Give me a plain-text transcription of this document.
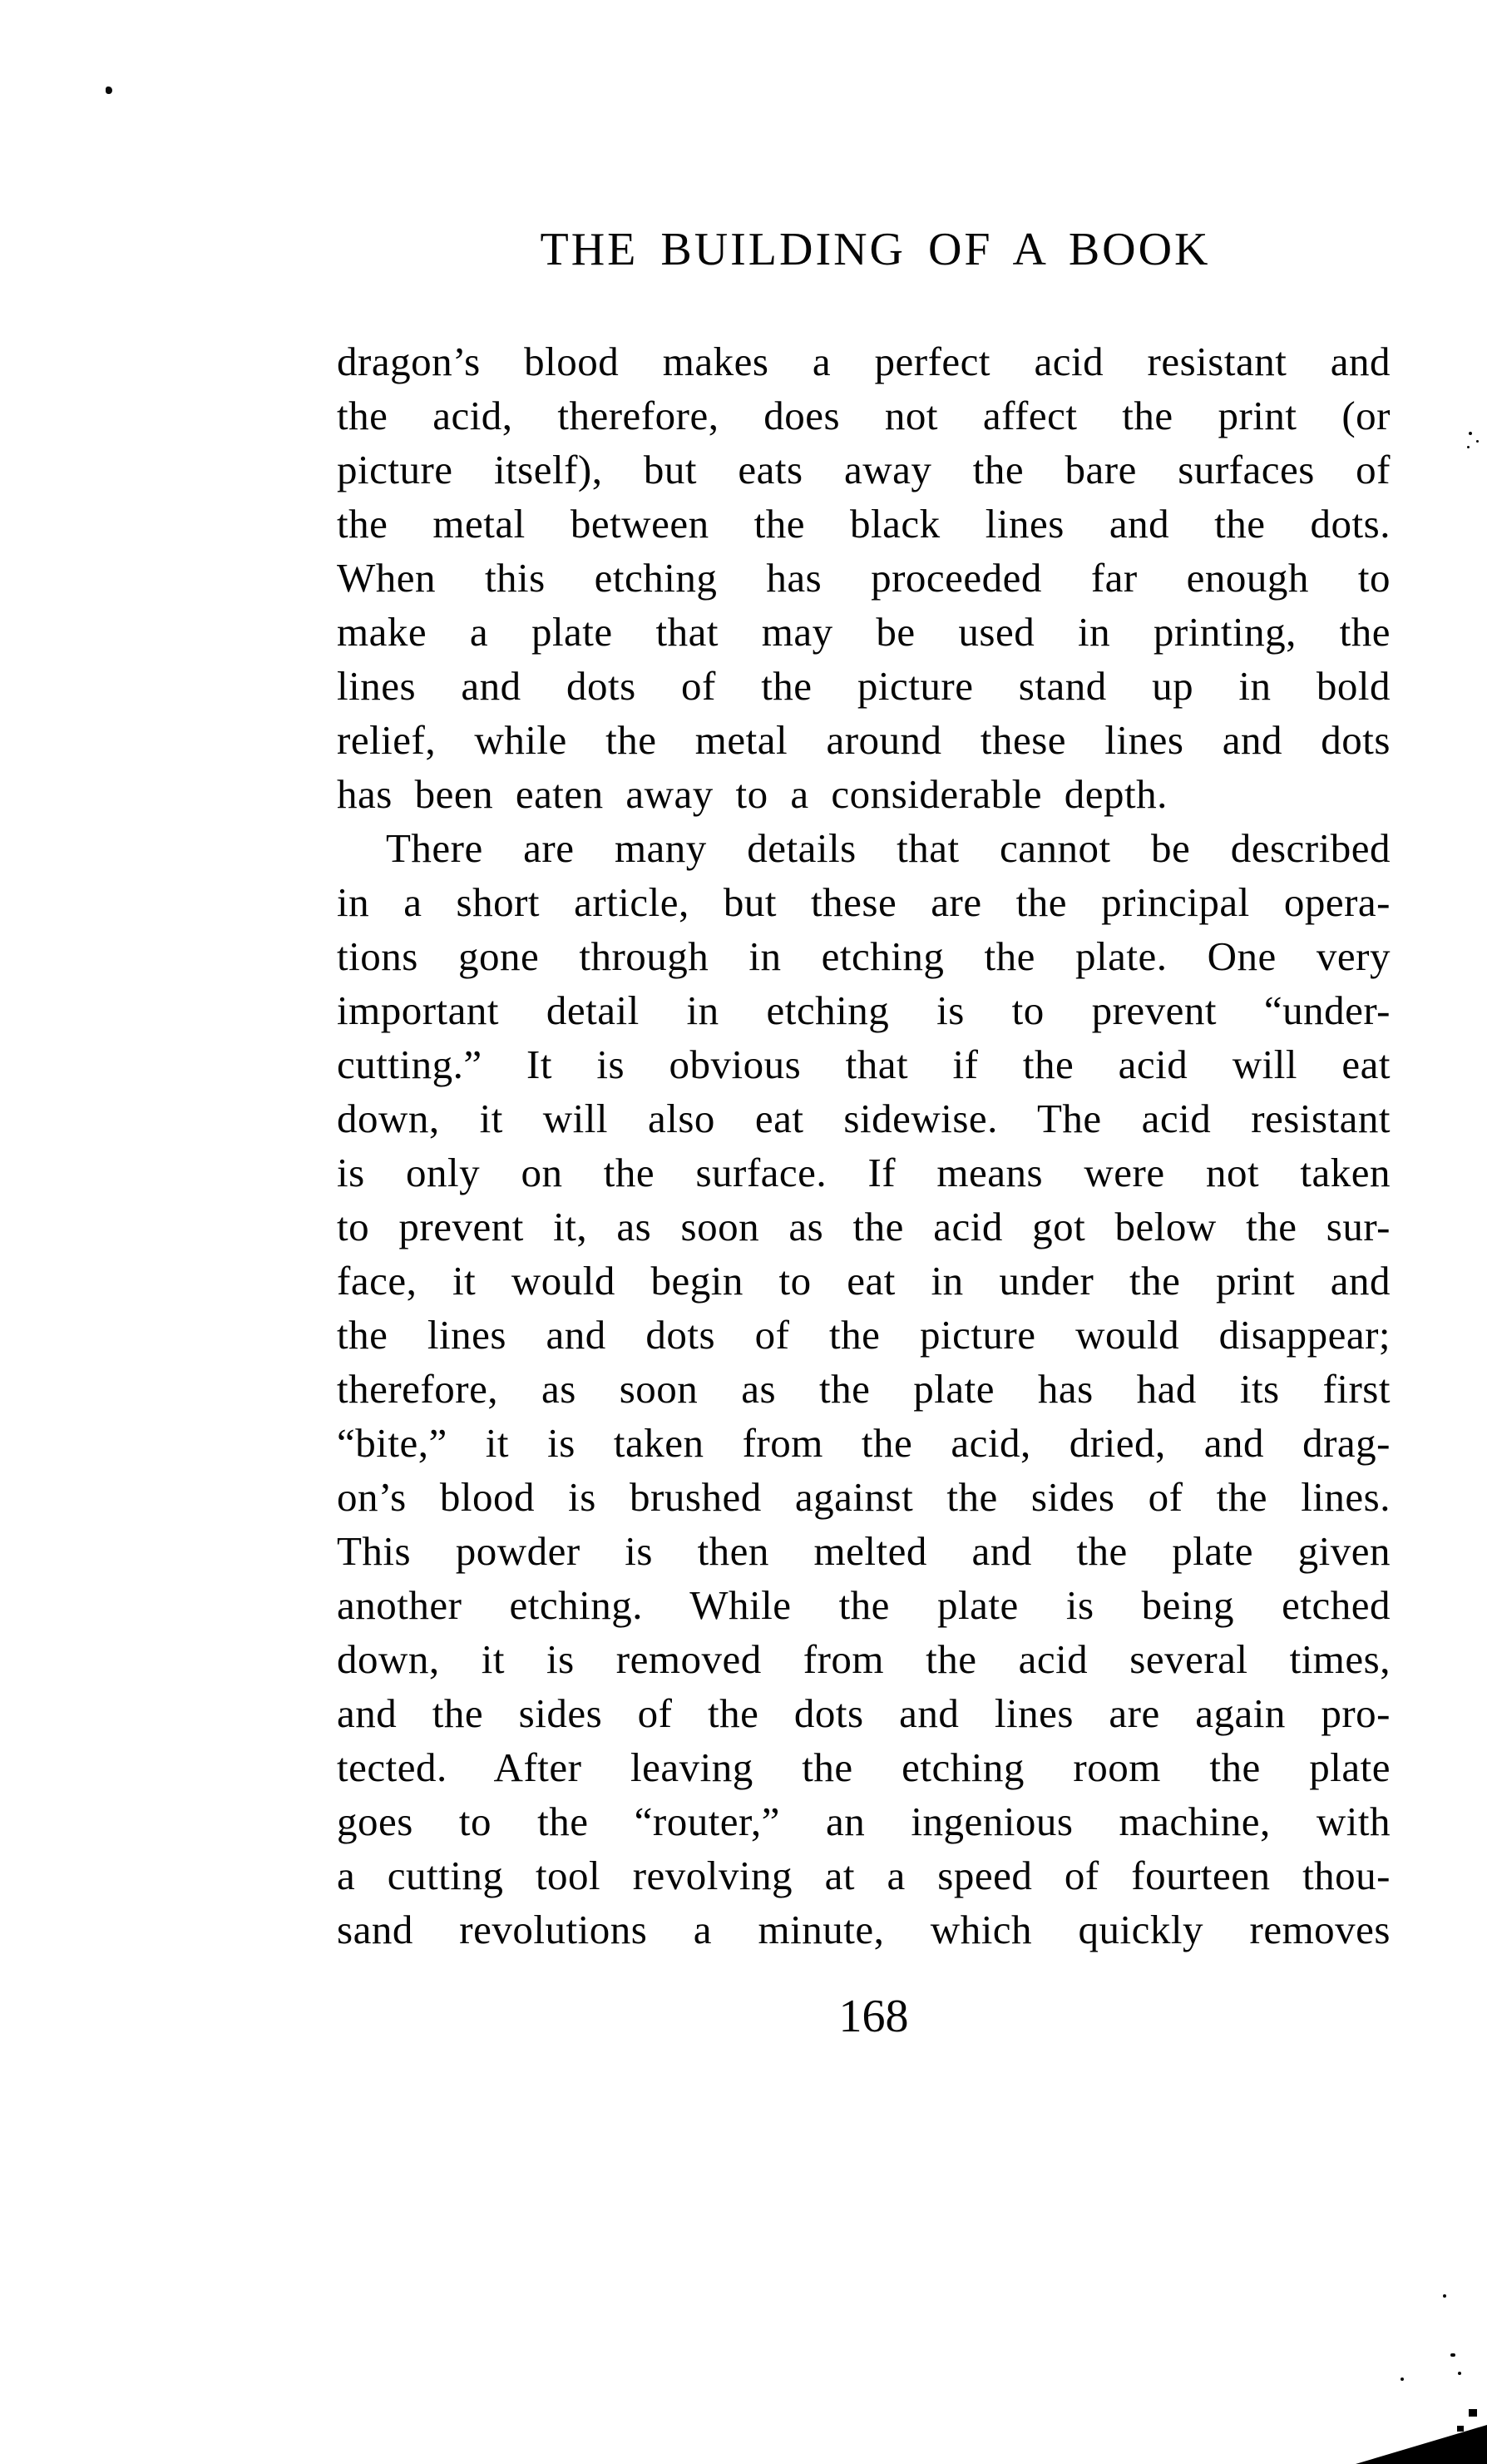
THE BUILDING OF A BOOK
dragon’s blood makes a perfect acid resistant and
the acid, therefore, does not affect the print (or
picture itself), but eats away the bare surfaces of
the metal between the black lines and the dots.
When this etching has proceeded far enough to
make a plate that may be used in printing, the
lines and dots of the picture stand up in bold
relief, while the metal around these lines and dots
has been eaten away to a considerable depth.
There are many details that cannot be described
in a short article, but these are the principal opera-
tions gone through in etching the plate. One very
important detail in etching is to prevent “under-
cutting.” It is obvious that if the acid will eat
down, it will also eat sidewise. The acid resistant
is only on the surface. If means were not taken
to prevent it, as soon as the acid got below the sur-
face, it would begin to eat in under the print and
the lines and dots of the picture would disappear;
therefore, as soon as the plate has had its first
“bite,” it is taken from the acid, dried, and drag-
on’s blood is brushed against the sides of the lines.
This powder is then melted and the plate given
another etching. While the plate is being etched
down, it is removed from the acid several times,
and the sides of the dots and lines are again pro-
tected. After leaving the etching room the plate
goes to the “router,” an ingenious machine, with
a cutting tool revolving at a speed of fourteen thou-
sand revolutions a minute, which quickly removes
168
